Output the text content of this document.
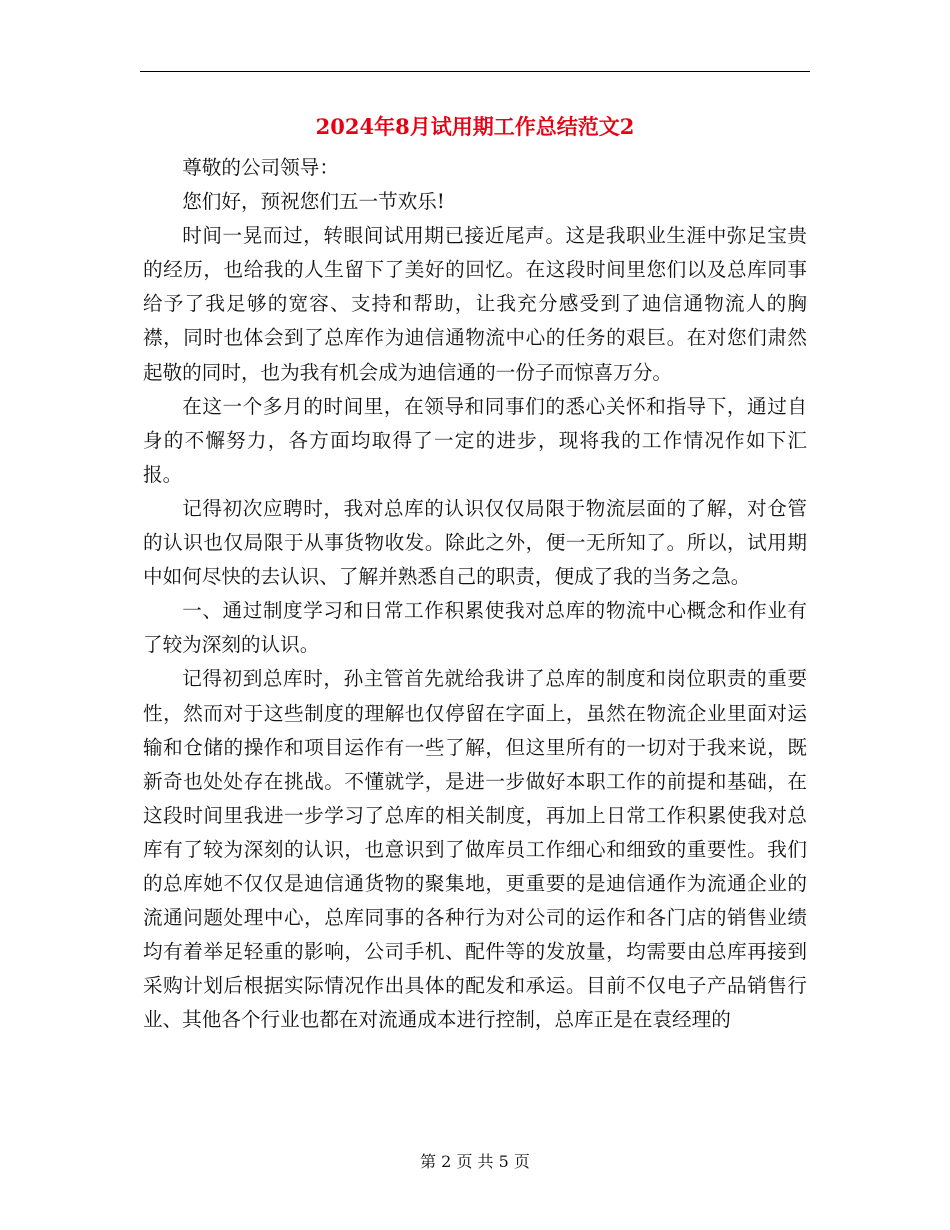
2024年8月试用期工作总结范文2

尊敬的公司领导：

您们好，预祝您们五一节欢乐!

时间一晃而过，转眼间试用期已接近尾声。这是我职业生涯中弥足宝贵的经历，也给我的人生留下了美好的回忆。在这段时间里您们以及总库同事给予了我足够的宽容、支持和帮助，让我充分感受到了迪信通物流人的胸襟，同时也体会到了总库作为迪信通物流中心的任务的艰巨。在对您们肃然起敬的同时，也为我有机会成为迪信通的一份子而惊喜万分。

在这一个多月的时间里，在领导和同事们的悉心关怀和指导下，通过自身的不懈努力，各方面均取得了一定的进步，现将我的工作情况作如下汇报。

记得初次应聘时，我对总库的认识仅仅局限于物流层面的了解，对仓管的认识也仅局限于从事货物收发。除此之外，便一无所知了。所以，试用期中如何尽快的去认识、了解并熟悉自己的职责，便成了我的当务之急。

一、通过制度学习和日常工作积累使我对总库的物流中心概念和作业有了较为深刻的认识。

记得初到总库时，孙主管首先就给我讲了总库的制度和岗位职责的重要性，然而对于这些制度的理解也仅停留在字面上，虽然在物流企业里面对运输和仓储的操作和项目运作有一些了解，但这里所有的一切对于我来说，既新奇也处处存在挑战。不懂就学，是进一步做好本职工作的前提和基础，在这段时间里我进一步学习了总库的相关制度，再加上日常工作积累使我对总库有了较为深刻的认识，也意识到了做库员工作细心和细致的重要性。我们的总库她不仅仅是迪信通货物的聚集地，更重要的是迪信通作为流通企业的流通问题处理中心，总库同事的各种行为对公司的运作和各门店的销售业绩均有着举足轻重的影响，公司手机、配件等的发放量，均需要由总库再接到采购计划后根据实际情况作出具体的配发和承运。目前不仅电子产品销售行业、其他各个行业也都在对流通成本进行控制，总库正是在袁经理的

第 2 页 共 5 页
